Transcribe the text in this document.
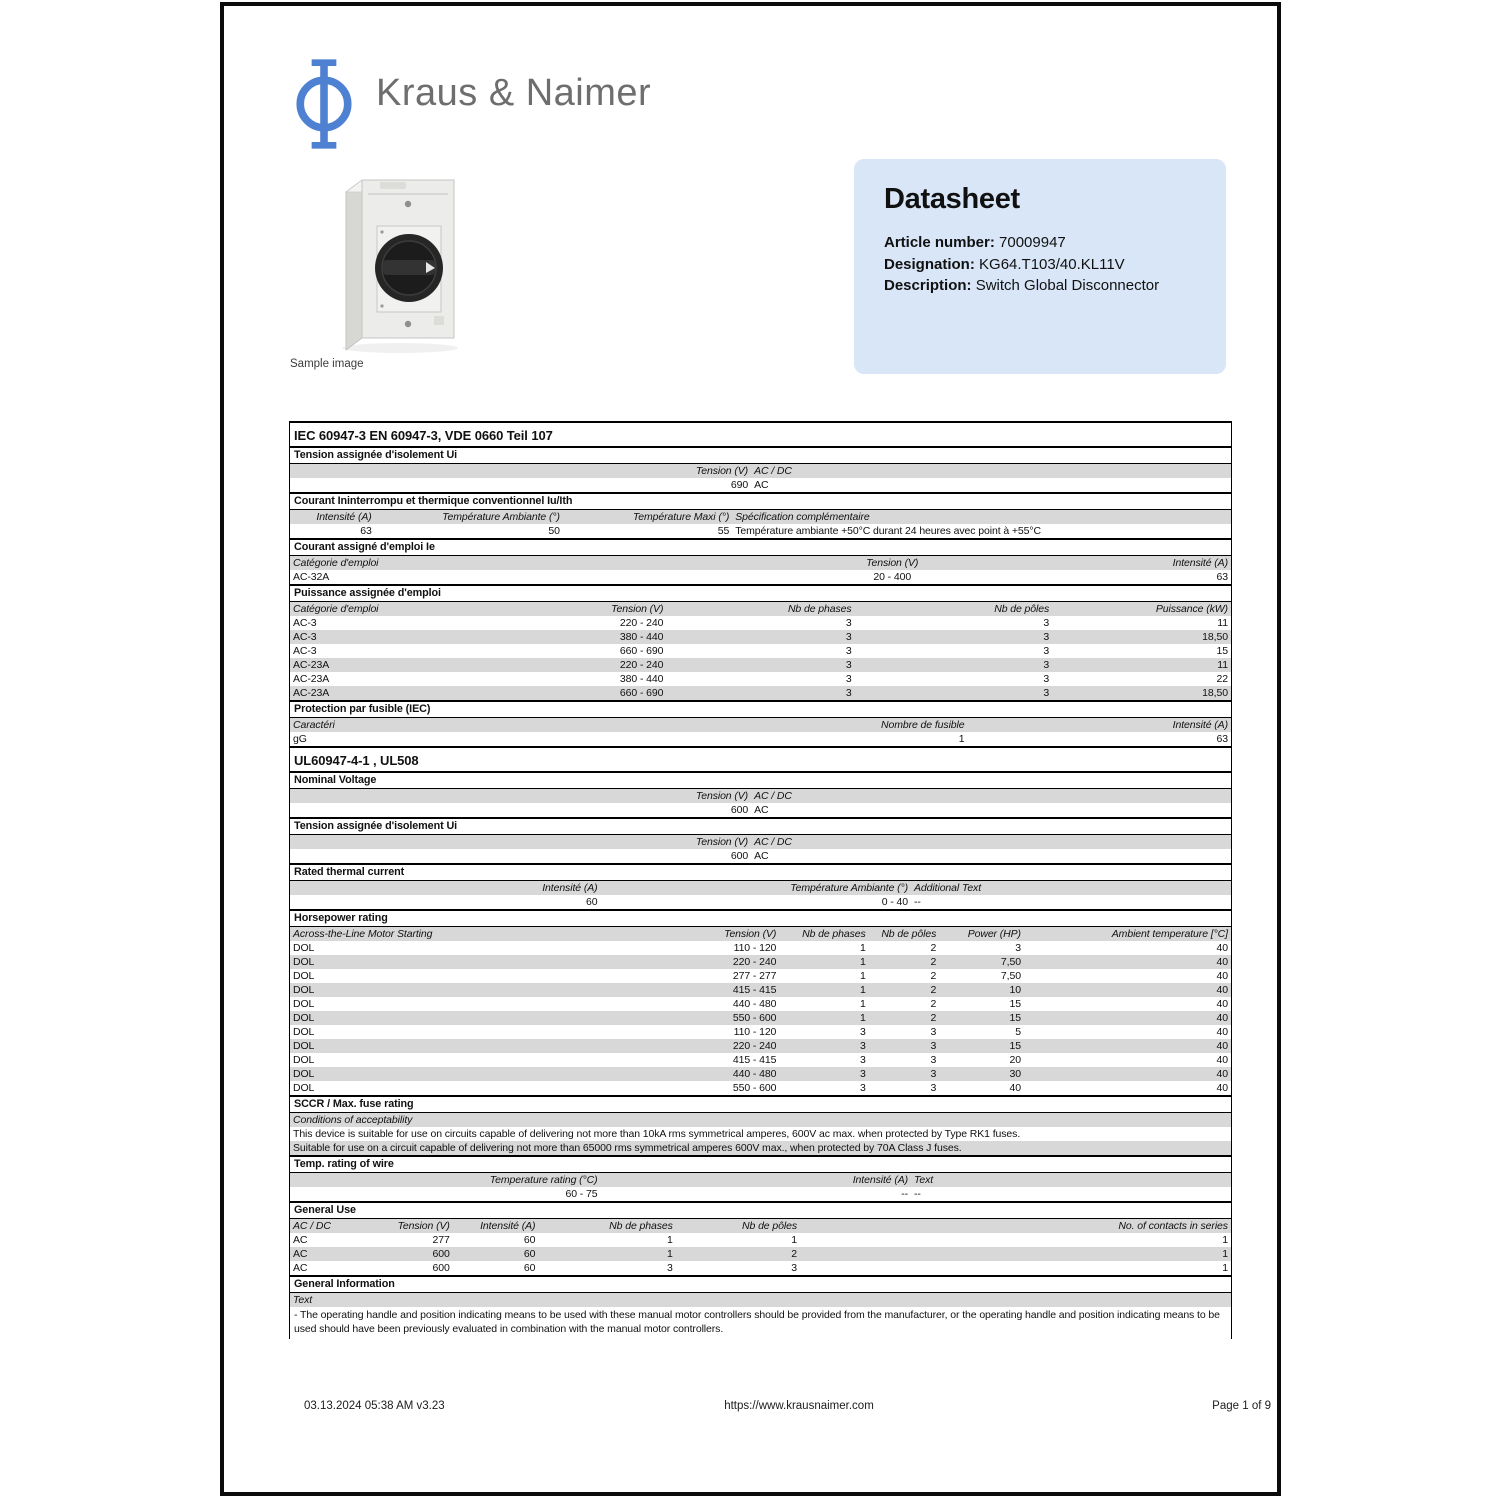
Kraus & Naimer
Sample image
Datasheet
Article number: 70009947
Designation: KG64.T103/40.KL11V
Description: Switch Global Disconnector
IEC 60947-3 EN 60947-3, VDE 0660 Teil 107
Tension assignée d'isolement Ui
Tension (V) AC / DC
690 AC
Courant Ininterrompu et thermique conventionnel Iu/Ith
Intensité (A)	Température Ambiante (°)	Température Maxi (°) Spécification complémentaire
63	50	55 Température ambiante +50°C durant 24 heures avec point à +55°C
Courant assigné d'emploi Ie
Catégorie d'emploi	Tension (V)	Intensité (A)
AC-32A	20 - 400	63
Puissance assignée d'emploi
Catégorie d'emploi	Tension (V)	Nb de phases	Nb de pôles	Puissance (kW)
AC-3	220 - 240	3	3	11
AC-3	380 - 440	3	3	18,50
AC-3	660 - 690	3	3	15
AC-23A	220 - 240	3	3	11
AC-23A	380 - 440	3	3	22
AC-23A	660 - 690	3	3	18,50
Protection par fusible (IEC)
Caractéri	Nombre de fusible	Intensité (A)
gG	1	63
UL60947-4-1 , UL508
Nominal Voltage
Tension (V) AC / DC
600 AC
Tension assignée d'isolement Ui
Tension (V) AC / DC
600 AC
Rated thermal current
Intensité (A)	Température Ambiante (°) Additional Text
60	0 - 40 --
Horsepower rating
Across-the-Line Motor Starting	Tension (V)	Nb de phases	Nb de pôles	Power (HP)	Ambient temperature [°C]
DOL	110 - 120	1	2	3	40
DOL	220 - 240	1	2	7,50	40
DOL	277 - 277	1	2	7,50	40
DOL	415 - 415	1	2	10	40
DOL	440 - 480	1	2	15	40
DOL	550 - 600	1	2	15	40
DOL	110 - 120	3	3	5	40
DOL	220 - 240	3	3	15	40
DOL	415 - 415	3	3	20	40
DOL	440 - 480	3	3	30	40
DOL	550 - 600	3	3	40	40
SCCR / Max. fuse rating
Conditions of acceptability
This device is suitable for use on circuits capable of delivering not more than 10kA rms symmetrical amperes, 600V ac max. when protected by Type RK1 fuses.
Suitable for use on a circuit capable of delivering not more than 65000 rms symmetrical amperes 600V max., when protected by 70A Class J fuses.
Temp. rating of wire
Temperature rating (°C)	Intensité (A) Text
60 - 75	-- --
General Use
AC / DC	Tension (V)	Intensité (A)	Nb de phases	Nb de pôles	No. of contacts in series
AC	277	60	1	1	1
AC	600	60	1	2	1
AC	600	60	3	3	1
General Information
Text
- The operating handle and position indicating means to be used with these manual motor controllers should be provided from the manufacturer, or the operating handle and position indicating means to be used should have been previously evaluated in combination with the manual motor controllers.
03.13.2024 05:38 AM v3.23	https://www.krausnaimer.com	Page 1 of 9
